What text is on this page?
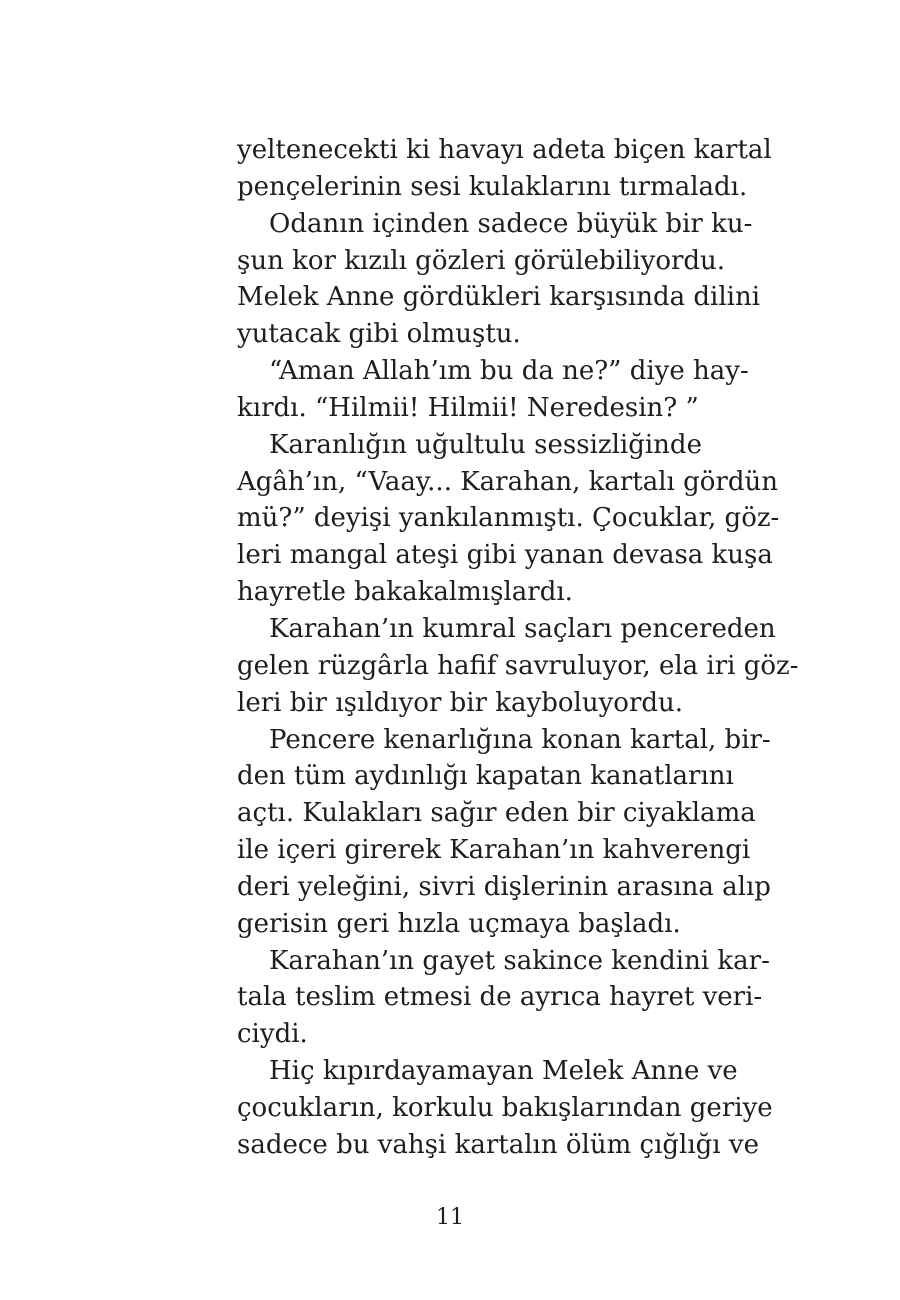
yeltenecekti ki havayı adeta biçen kartal
pençelerinin sesi kulaklarını tırmaladı.
Odanın içinden sadece büyük bir ku-
şun kor kızılı gözleri görülebiliyordu.
Melek Anne gördükleri karşısında dilini
yutacak gibi olmuştu.
“Aman Allah’ım bu da ne?” diye hay-
kırdı. “Hilmii! Hilmii! Neredesin? ”
Karanlığın uğultulu sessizliğinde
Agâh’ın, “Vaay... Karahan, kartalı gördün
mü?” deyişi yankılanmıştı. Çocuklar, göz-
leri mangal ateşi gibi yanan devasa kuşa
hayretle bakakalmışlardı.
Karahan’ın kumral saçları pencereden
gelen rüzgârla hafif savruluyor, ela iri göz-
leri bir ışıldıyor bir kayboluyordu.
Pencere kenarlığına konan kartal, bir-
den tüm aydınlığı kapatan kanatlarını
açtı. Kulakları sağır eden bir ciyaklama
ile içeri girerek Karahan’ın kahverengi
deri yeleğini, sivri dişlerinin arasına alıp
gerisin geri hızla uçmaya başladı.
Karahan’ın gayet sakince kendini kar-
tala teslim etmesi de ayrıca hayret veri-
ciydi.
Hiç kıpırdayamayan Melek Anne ve
çocukların, korkulu bakışlarından geriye
sadece bu vahşi kartalın ölüm çığlığı ve
11
